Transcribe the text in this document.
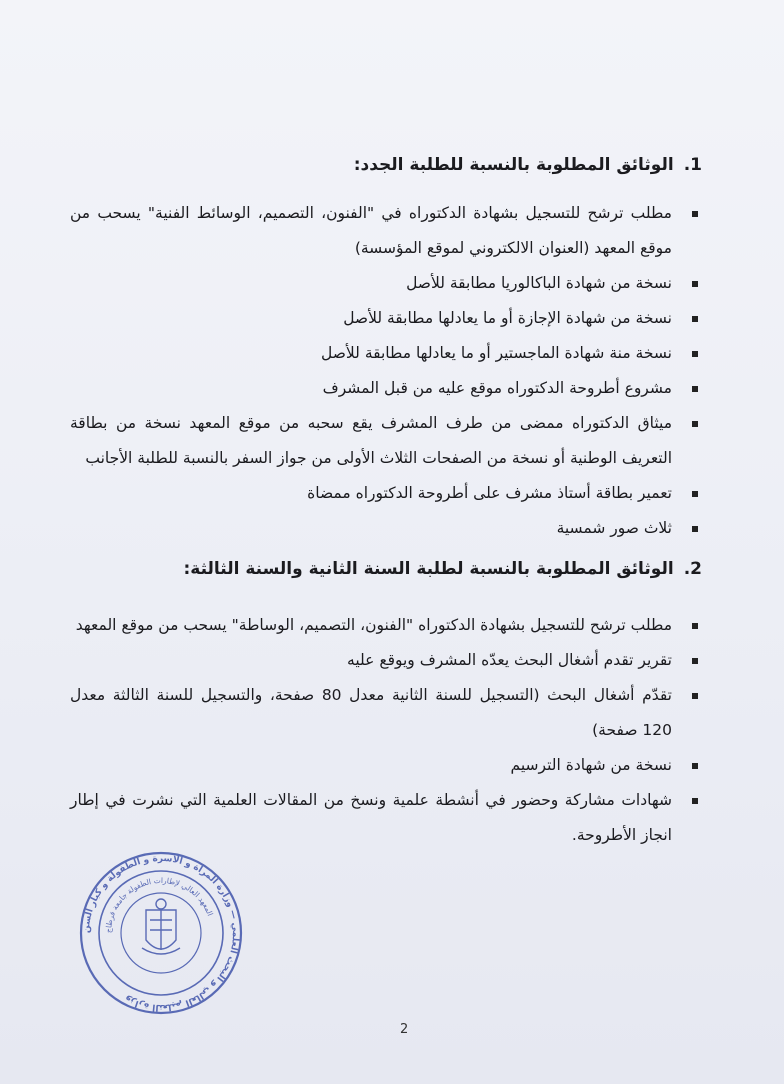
1.الوثائق المطلوبة بالنسبة للطلبة الجدد:
مطلب ترشح للتسجيل بشهادة الدكتوراه في "الفنون، التصميم، الوسائط الفنية" يسحب من موقع المعهد (العنوان الالكتروني لموقع المؤسسة)
نسخة من شهادة الباكالوريا مطابقة للأصل
نسخة من شهادة الإجازة أو ما يعادلها مطابقة للأصل
نسخة منة شهادة الماجستير أو ما يعادلها مطابقة للأصل
مشروع أطروحة الدكتوراه موقع عليه من قبل المشرف
ميثاق الدكتوراه ممضى من طرف المشرف يقع سحبه من موقع المعهد نسخة من بطاقة التعريف الوطنية أو نسخة من الصفحات الثلاث الأولى من جواز السفر بالنسبة للطلبة الأجانب
تعمير بطاقة أستاذ مشرف على أطروحة الدكتوراه ممضاة
ثلاث صور شمسية
2.الوثائق المطلوبة بالنسبة لطلبة السنة الثانية والسنة الثالثة:
مطلب ترشح للتسجيل بشهادة الدكتوراه "الفنون، التصميم، الوساطة" يسحب من موقع المعهد
تقرير تقدم أشغال البحث يعدّه المشرف ويوقع عليه
تقدّم أشغال البحث (التسجيل للسنة الثانية معدل 80 صفحة، والتسجيل للسنة الثالثة معدل 120 صفحة)
نسخة من شهادة الترسيم
شهادات مشاركة وحضور في أنشطة علمية ونسخ من المقالات العلمية التي نشرت في إطار انجاز الأطروحة.
وزارة التعليم العالي و البحث العلمي — وزارة المرأة و الأسرة و الطفولة و كبار السن
المعهد العالي لإطارات الطفولة جامعة قرطاج
2
